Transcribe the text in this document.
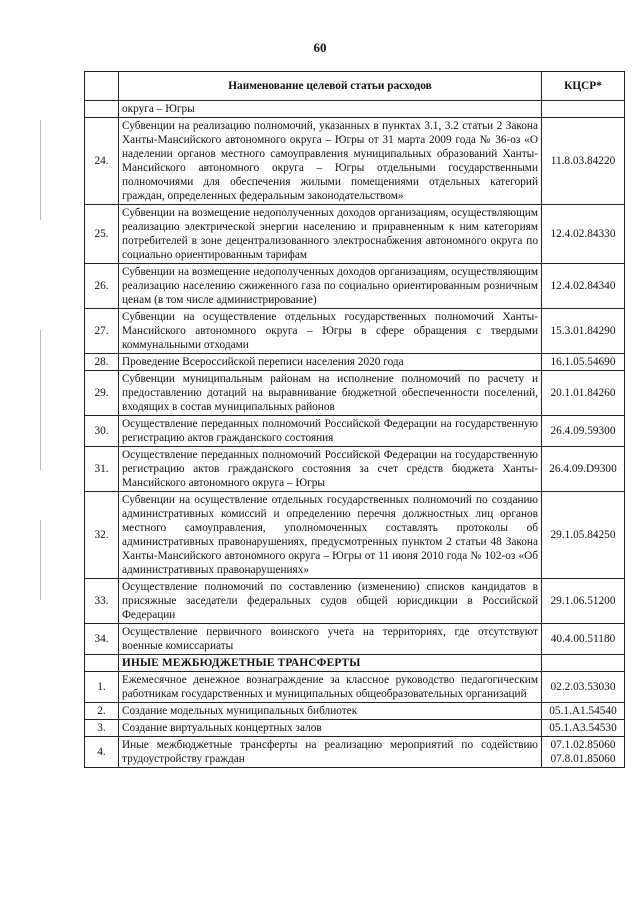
60
	Наименование целевой статьи расходов	КЦСР*
	округа – Югры	
24.	Субвенции на реализацию полномочий, указанных в пунктах 3.1, 3.2 статьи 2 Закона Ханты-Мансийского автономного округа – Югры от 31 марта 2009 года № 36-оз «О наделении органов местного самоуправления муниципальных образований Ханты-Мансийского автономного округа – Югры отдельными государственными полномочиями для обеспечения жилыми помещениями отдельных категорий граждан, определенных федеральным законодательством»	11.8.03.84220

25.	Субвенции на возмещение недополученных доходов организациям, осуществляющим реализацию электрической энергии населению и приравненным к ним категориям потребителей в зоне децентрализованного электроснабжения автономного округа по социально ориентированным тарифам	12.4.02.84330

26.	Субвенции на возмещение недополученных доходов организациям, осуществляющим реализацию населению сжиженного газа по социально ориентированным розничным ценам (в том числе администрирование)	12.4.02.84340

27.	Субвенции на осуществление отдельных государственных полномочий Ханты-Мансийского автономного округа – Югры в сфере обращения с твердыми коммунальными отходами	15.3.01.84290

28.	Проведение Всероссийской переписи населения 2020 года	16.1.05.54690

29.	Субвенции муниципальным районам на исполнение полномочий по расчету и предоставлению дотаций на выравнивание бюджетной обеспеченности поселений, входящих в состав муниципальных районов	20.1.01.84260

30.	Осуществление переданных полномочий Российской Федерации на государственную регистрацию актов гражданского состояния	26.4.09.59300

31.	Осуществление переданных полномочий Российской Федерации на государственную регистрацию актов гражданского состояния за счет средств бюджета Ханты-Мансийского автономного округа – Югры	26.4.09.D9300

32.	Субвенции на осуществление отдельных государственных полномочий по созданию административных комиссий и определению перечня должностных лиц органов местного самоуправления, уполномоченных составлять протоколы об административных правонарушениях, предусмотренных пунктом 2 статьи 48 Закона Ханты-Мансийского автономного округа – Югры от 11 июня 2010 года № 102-оз «Об административных правонарушениях»	29.1.05.84250

33.	Осуществление полномочий по составлению (изменению) списков кандидатов в присяжные заседатели федеральных судов общей юрисдикции в Российской Федерации	29.1.06.51200

34.	Осуществление первичного воинского учета на территориях, где отсутствуют военные комиссариаты	40.4.00.51180

	ИНЫЕ МЕЖБЮДЖЕТНЫЕ ТРАНСФЕРТЫ	
1.	Ежемесячное денежное вознаграждение за классное руководство педагогическим работникам государственных и муниципальных общеобразовательных организаций	02.2.03.53030

2.	Создание модельных муниципальных библиотек	05.1.A1.54540

3.	Создание виртуальных концертных залов	05.1.A3.54530

4.	Иные межбюджетные трансферты на реализацию мероприятий по содействию трудоустройству граждан	07.1.02.85060
07.8.01.85060
